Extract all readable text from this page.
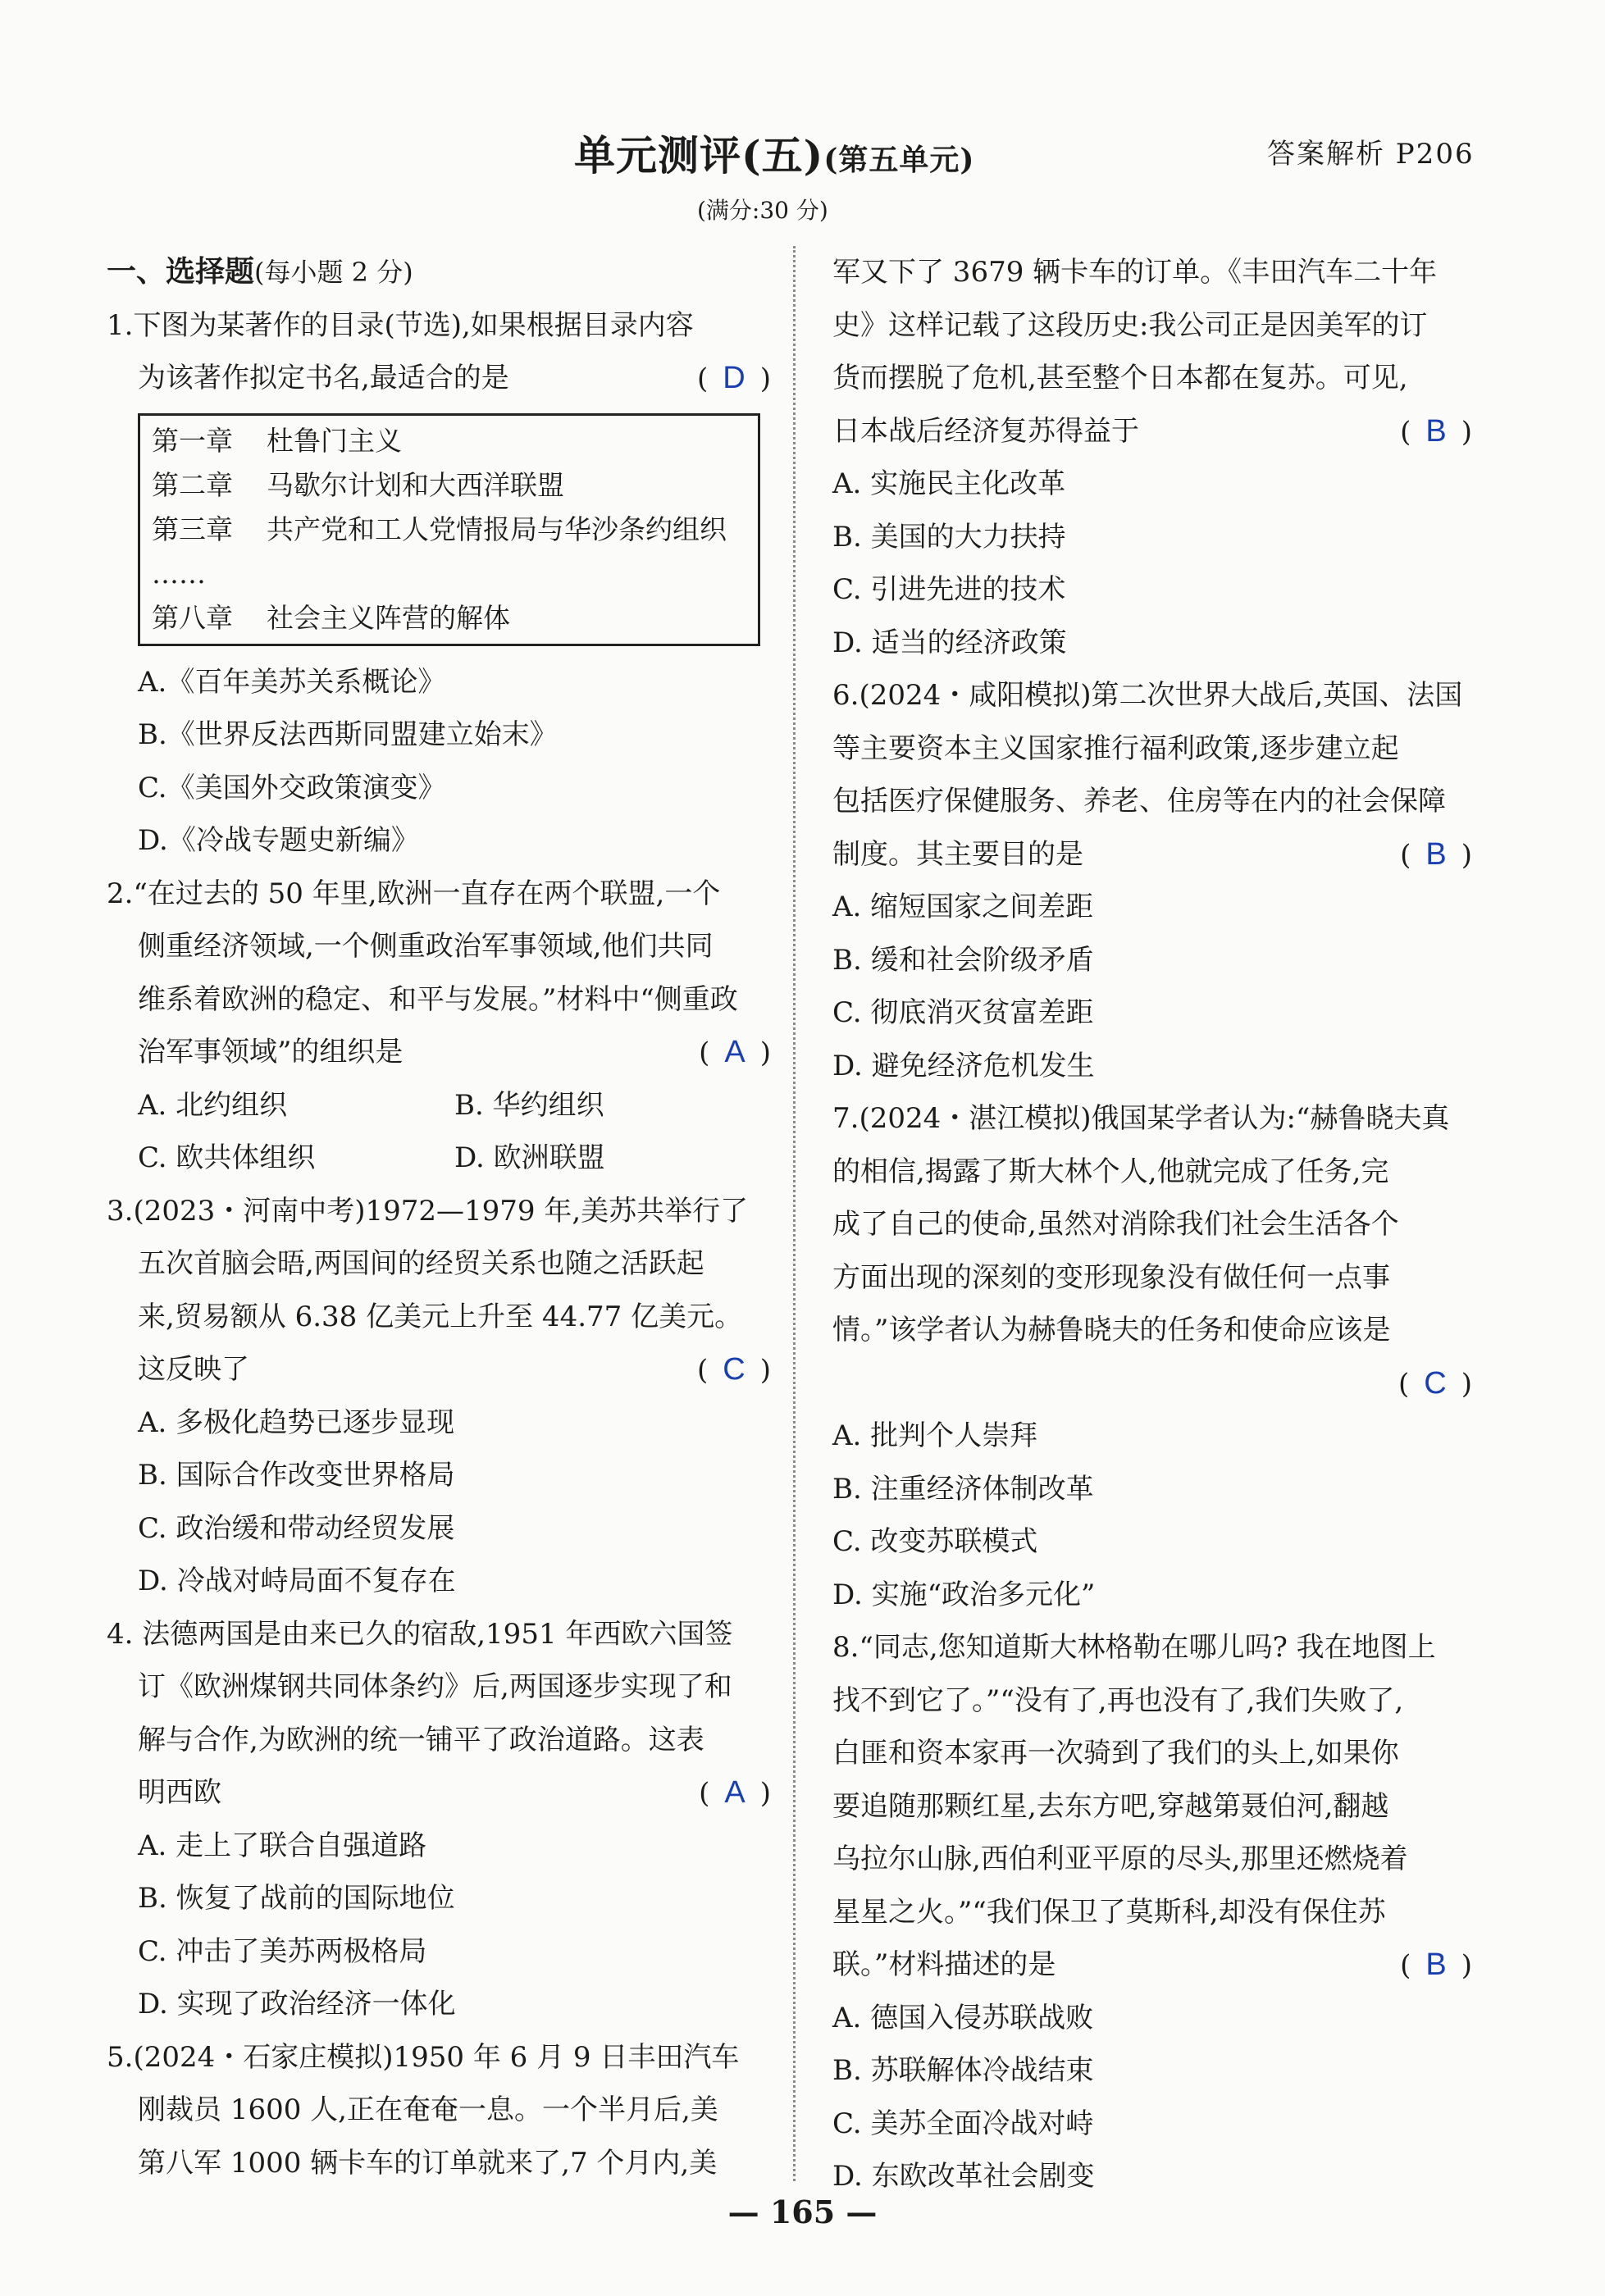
单元测评(五)(第五单元)	答案解析 P206
(满分:30 分)
一、选择题(每小题 2 分)
1.下图为某著作的目录(节选),如果根据目录内容
为该著作拟定书名,最适合的是	( D )
第一章 杜鲁门主义
第二章 马歇尔计划和大西洋联盟
第三章 共产党和工人党情报局与华沙条约组织
……
第八章 社会主义阵营的解体
A.《百年美苏关系概论》
B.《世界反法西斯同盟建立始末》
C.《美国外交政策演变》
D.《冷战专题史新编》
2.“在过去的 50 年里,欧洲一直存在两个联盟,一个
侧重经济领域,一个侧重政治军事领域,他们共同
维系着欧洲的稳定、和平与发展。”材料中“侧重政
治军事领域”的组织是	( A )
A. 北约组织	B. 华约组织
C. 欧共体组织	D. 欧洲联盟
3.(2023・河南中考)1972—1979 年,美苏共举行了
五次首脑会晤,两国间的经贸关系也随之活跃起
来,贸易额从 6.38 亿美元上升至 44.77 亿美元。
这反映了	( C )
A. 多极化趋势已逐步显现
B. 国际合作改变世界格局
C. 政治缓和带动经贸发展
D. 冷战对峙局面不复存在
4. 法德两国是由来已久的宿敌,1951 年西欧六国签
订《欧洲煤钢共同体条约》后,两国逐步实现了和
解与合作,为欧洲的统一铺平了政治道路。这表
明西欧	( A )
A. 走上了联合自强道路
B. 恢复了战前的国际地位
C. 冲击了美苏两极格局
D. 实现了政治经济一体化
5.(2024・石家庄模拟)1950 年 6 月 9 日丰田汽车
刚裁员 1600 人,正在奄奄一息。一个半月后,美
第八军 1000 辆卡车的订单就来了,7 个月内,美
军又下了 3679 辆卡车的订单。《丰田汽车二十年
史》这样记载了这段历史:我公司正是因美军的订
货而摆脱了危机,甚至整个日本都在复苏。可见,
日本战后经济复苏得益于	( B )
A. 实施民主化改革
B. 美国的大力扶持
C. 引进先进的技术
D. 适当的经济政策
6.(2024・咸阳模拟)第二次世界大战后,英国、法国
等主要资本主义国家推行福利政策,逐步建立起
包括医疗保健服务、养老、住房等在内的社会保障
制度。其主要目的是	( B )
A. 缩短国家之间差距
B. 缓和社会阶级矛盾
C. 彻底消灭贫富差距
D. 避免经济危机发生
7.(2024・湛江模拟)俄国某学者认为:“赫鲁晓夫真
的相信,揭露了斯大林个人,他就完成了任务,完
成了自己的使命,虽然对消除我们社会生活各个
方面出现的深刻的变形现象没有做任何一点事
情。”该学者认为赫鲁晓夫的任务和使命应该是
( C )

A. 批判个人崇拜
B. 注重经济体制改革
C. 改变苏联模式
D. 实施“政治多元化”
8.“同志,您知道斯大林格勒在哪儿吗? 我在地图上
找不到它了。”“没有了,再也没有了,我们失败了,
白匪和资本家再一次骑到了我们的头上,如果你
要追随那颗红星,去东方吧,穿越第聂伯河,翻越
乌拉尔山脉,西伯利亚平原的尽头,那里还燃烧着
星星之火。”“我们保卫了莫斯科,却没有保住苏
联。”材料描述的是	( B )
A. 德国入侵苏联战败
B. 苏联解体冷战结束
C. 美苏全面冷战对峙
D. 东欧改革社会剧变
— 165 —
